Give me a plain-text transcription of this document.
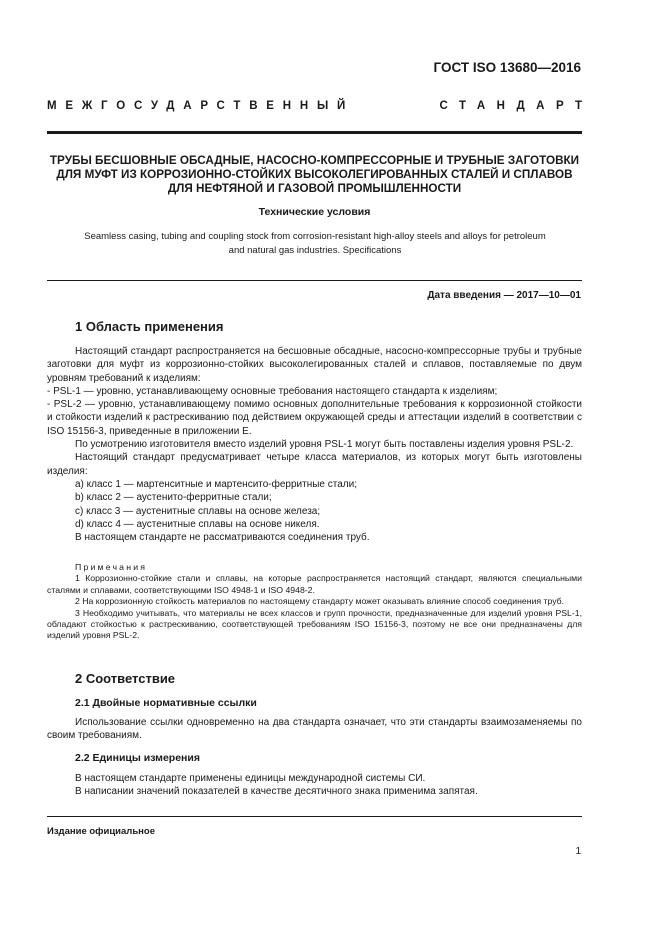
ГОСТ ISO 13680—2016
МЕЖГОСУДАРСТВЕННЫЙ	СТАНДАРТ
ТРУБЫ БЕСШОВНЫЕ ОБСАДНЫЕ, НАСОСНО-КОМПРЕССОРНЫЕ И ТРУБНЫЕ ЗАГОТОВКИ
ДЛЯ МУФТ ИЗ КОРРОЗИОННО-СТОЙКИХ ВЫСОКОЛЕГИРОВАННЫХ СТАЛЕЙ И СПЛАВОВ
ДЛЯ НЕФТЯНОЙ И ГАЗОВОЙ ПРОМЫШЛЕННОСТИ
Технические условия
Seamless casing, tubing and coupling stock from corrosion-resistant high-alloy steels and alloys for petroleum
and natural gas industries. Specifications
Дата введения — 2017—10—01
1 Область применения

Настоящий стандарт распространяется на бесшовные обсадные, насосно-компрессорные трубы и трубные заготовки для муфт из коррозионно-стойких высоколегированных сталей и сплавов, поставляемые по двум уровням требований к изделиям:

- PSL-1 — уровню, устанавливающему основные требования настоящего стандарта к изделиям;

- PSL-2 — уровню, устанавливающему помимо основных дополнительные требования к коррозионной стойкости и стойкости изделий к растрескиванию под действием окружающей среды и аттестации изделий в соответствии с ISO 15156-3, приведенные в приложении Е.

По усмотрению изготовителя вместо изделий уровня PSL-1 могут быть поставлены изделия уровня PSL-2.

Настоящий стандарт предусматривает четыре класса материалов, из которых могут быть изготовлены изделия:

а) класс 1 — мартенситные и мартенсито-ферритные стали;

b) класс 2 — аустенито-ферритные стали;

с) класс 3 — аустенитные сплавы на основе железа;

d) класс 4 — аустенитные сплавы на основе никеля.

В настоящем стандарте не рассматриваются соединения труб.

Примечания

1 Коррозионно-стойкие стали и сплавы, на которые распространяется настоящий стандарт, являются специальными сталями и сплавами, соответствующими ISO 4948-1 и ISO 4948-2.

2 На коррозионную стойкость материалов по настоящему стандарту может оказывать влияние способ соединения труб.

3 Необходимо учитывать, что материалы не всех классов и групп прочности, предназначенные для изделий уровня PSL-1, обладают стойкостью к растрескиванию, соответствующей требованиям ISO 15156-3, поэтому не все они предназначены для изделий уровня PSL-2.

2 Соответствие
2.1 Двойные нормативные ссылки

Использование ссылки одновременно на два стандарта означает, что эти стандарты взаимозаменяемы по своим требованиям.

2.2 Единицы измерения

В настоящем стандарте применены единицы международной системы СИ.

В написании значений показателей в качестве десятичного знака применима запятая.

Издание официальное
1
